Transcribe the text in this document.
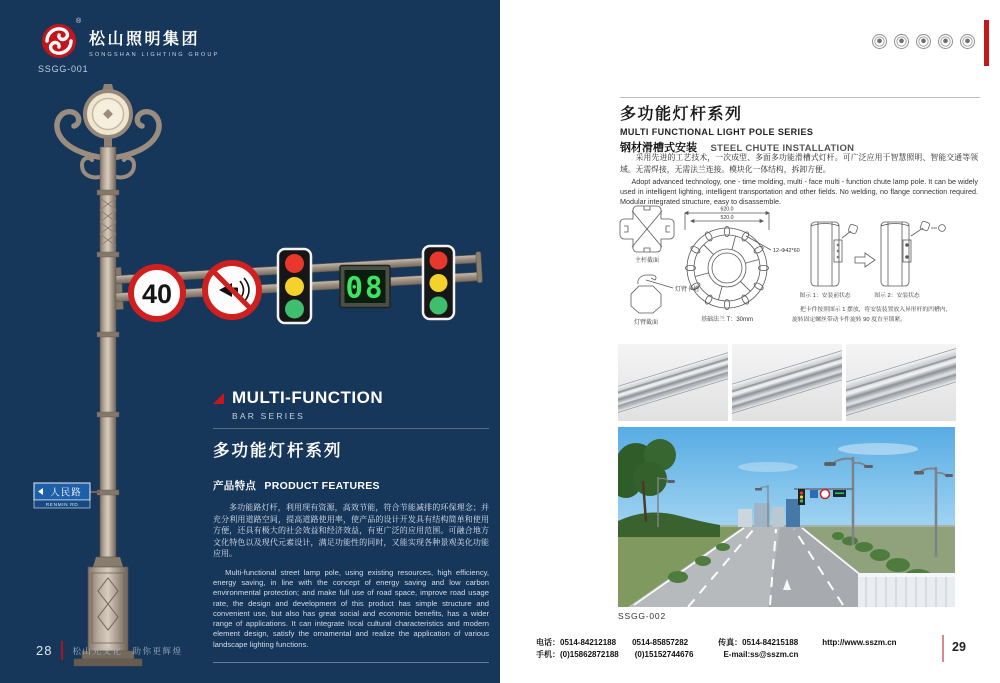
松山照明集团
SONGSHAN LIGHTING GROUP
®
SSGG-001
40	08
人民路
RENMIN RD
MULTI-FUNCTION
BAR SERIES
多功能灯杆系列
产品特点 PRODUCT FEATURES

多功能路灯杆，利用现有资源，高效节能，符合节能减排的环保理念；并充分利用道路空间，提高道路使用率，使产品的设计开发具有结构简单和使用方便，还具有极大的社会效益和经济效益，有更广泛的应用范围。可融合地方文化特色以及现代元素设计，满足功能性的同时，又能实现各种景观美化功能应用。

Multi-functional street lamp pole, using existing resources, high efficiency, energy saving, in line with the concept of energy saving and low carbon environmental protection; and make full use of road space, improve road usage rate, the design and development of this product has simple structure and convenient use, but also has great social and economic benefits, has a wider range of applications. It can integrate local cultural characteristics and modern element design, satisfy the ornamental and realize the application of various landscape lighting functions.

28 松山光文化　助你更辉煌
多功能灯杆系列
MULTI FUNCTIONAL LIGHT POLE SERIES
钢材滑槽式安装 STEEL CHUTE INSTALLATION

采用先进的工艺技术，一次成型、多面多功能滑槽式灯杆。可广泛应用于智慧照明、智能交通等领域。无需焊接，无需法兰连接。模块化一体结构，拆卸方便。

Adopt advanced technology, one - time molding, multi - face multi - function chute lamp pole. It can be widely used in intelligent lighting, intelligent transportation and other fields. No welding, no flange connection required. Modular integrated structure, easy to disassemble.

主杆截面
灯臂卡槽
灯臂截面
620.0
520.0
12-Φ42*60
基础法兰 T：30mm
图示 1：安装前状态	图示 2：安装状态
把卡件按照图示 1 摆放，将安装装置放入异形杆的凹槽内，
旋转固定螺丝带动卡件旋转 90 度直至锁紧。
SSGG-002
电话：0514-84212188 0514-85857282	传真：0514-84215188	http://www.sszm.cn
手机：(0)15862872188 (0)15152744676	E-mail:ss@sszm.cn
29
